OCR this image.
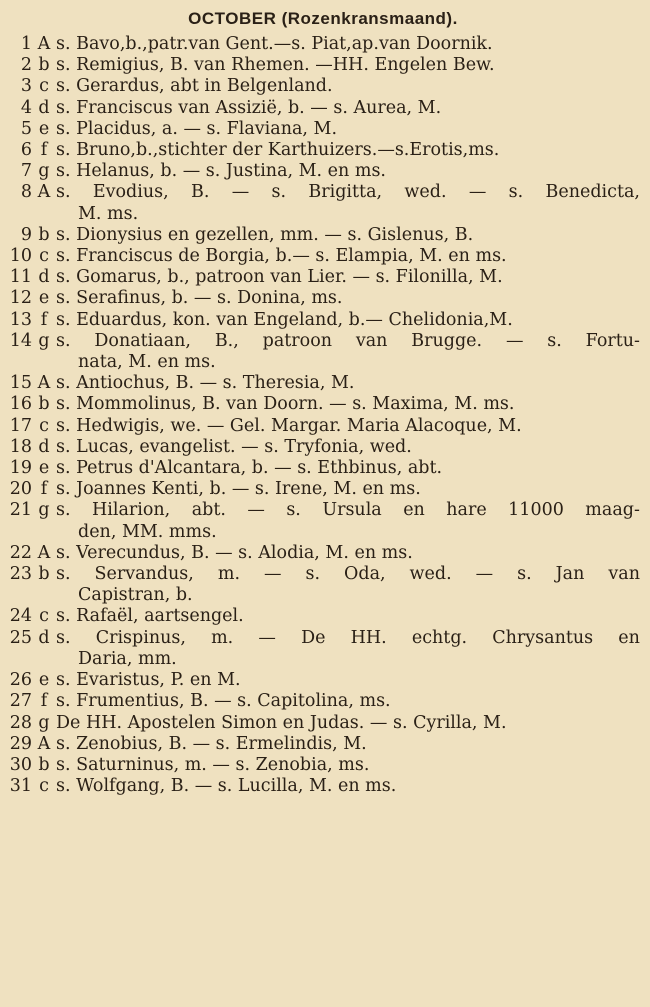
OCTOBER (Rozenkransmaand).
1 A s. Bavo,b.,patr.van Gent.—s. Piat,ap.van Doornik.
2 b s. Remigius, B. van Rhemen. —HH. Engelen Bew.
3 c s. Gerardus, abt in Belgenland.
4 d s. Franciscus van Assizië, b. — s. Aurea, M.
5 e s. Placidus, a. — s. Flaviana, M.
6 f s. Bruno,b.,stichter der Karthuizers.—s.Erotis,ms.
7 g s. Helanus, b. — s. Justina, M. en ms.
8 A s. Evodius, B. — s. Brigitta, wed. — s. Benedicta,
M. ms.
9 b s. Dionysius en gezellen, mm. — s. Gislenus, B.
10 c s. Franciscus de Borgia, b.— s. Elampia, M. en ms.
11 d s. Gomarus, b., patroon van Lier. — s. Filonilla, M.
12 e s. Serafinus, b. — s. Donina, ms.
13 f s. Eduardus, kon. van Engeland, b.— Chelidonia,M.
14 g s. Donatiaan, B., patroon van Brugge. — s. Fortu-
nata, M. en ms.
15 A s. Antiochus, B. — s. Theresia, M.
16 b s. Mommolinus, B. van Doorn. — s. Maxima, M. ms.
17 c s. Hedwigis, we. — Gel. Margar. Maria Alacoque, M.
18 d s. Lucas, evangelist. — s. Tryfonia, wed.
19 e s. Petrus d'Alcantara, b. — s. Ethbinus, abt.
20 f s. Joannes Kenti, b. — s. Irene, M. en ms.
21 g s. Hilarion, abt. — s. Ursula en hare 11000 maag-
den, MM. mms.
22 A s. Verecundus, B. — s. Alodia, M. en ms.
23 b s. Servandus, m. — s. Oda, wed. — s. Jan van
Capistran, b.
24 c s. Rafaël, aartsengel.
25 d s. Crispinus, m. — De HH. echtg. Chrysantus en
Daria, mm.
26 e s. Evaristus, P. en M.
27 f s. Frumentius, B. — s. Capitolina, ms.
28 g De HH. Apostelen Simon en Judas. — s. Cyrilla, M.
29 A s. Zenobius, B. — s. Ermelindis, M.
30 b s. Saturninus, m. — s. Zenobia, ms.
31 c s. Wolfgang, B. — s. Lucilla, M. en ms.
